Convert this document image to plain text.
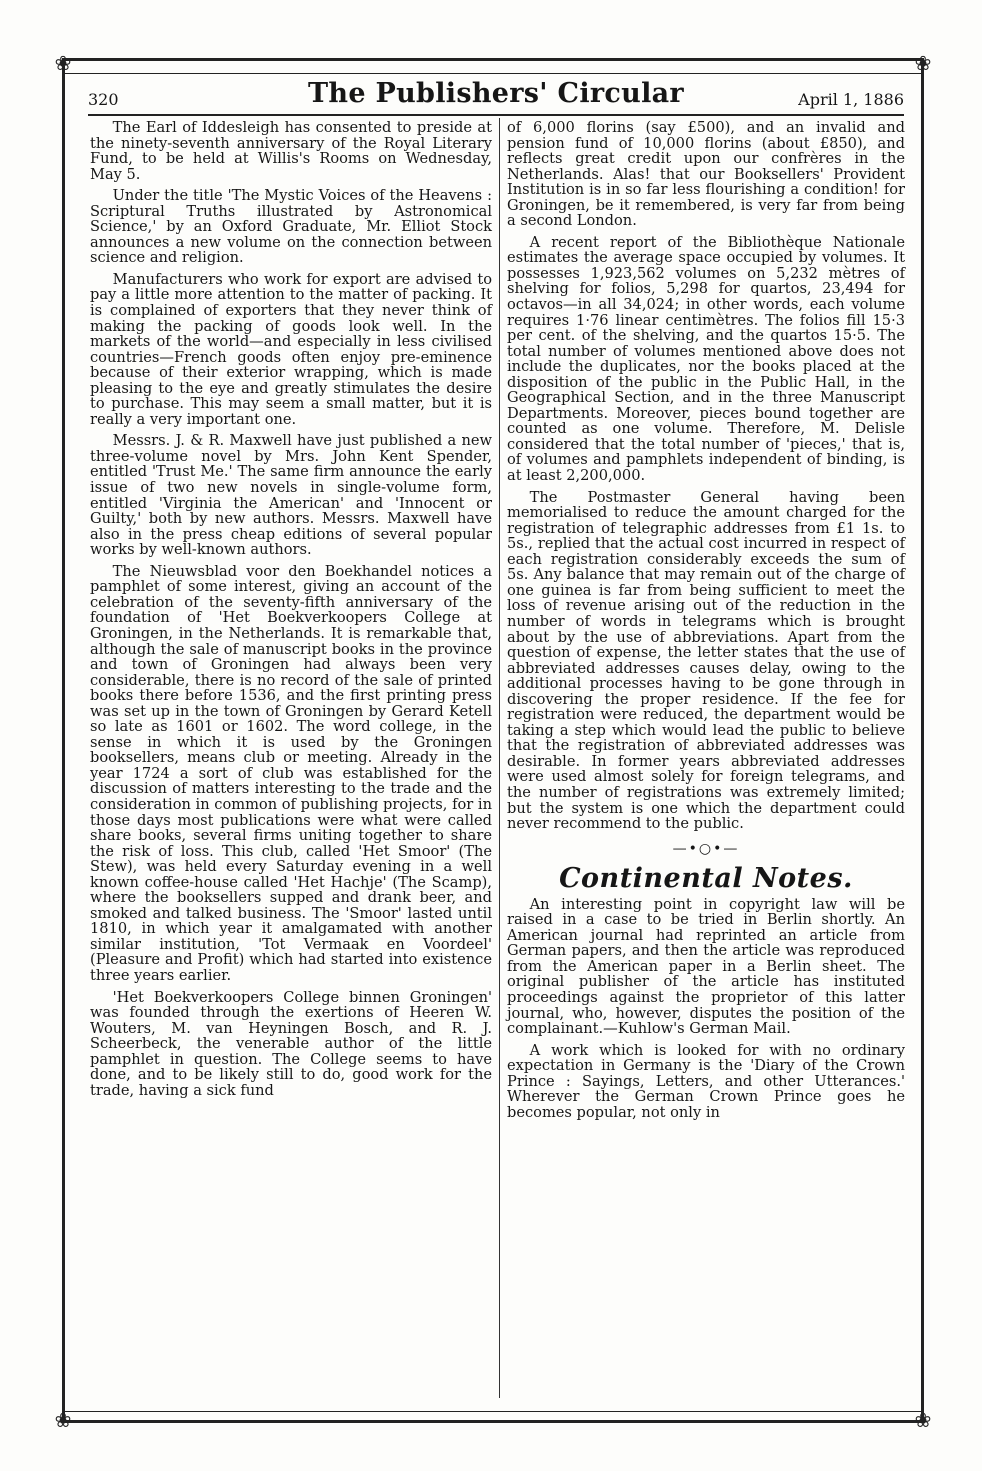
❀	❀
❀	❀
320	The Publishers' Circular	April 1, 1886

The Earl of Iddesleigh has consented to preside at the ninety-seventh anniversary of the Royal Literary Fund, to be held at Willis's Rooms on Wednesday, May 5.

Under the title 'The Mystic Voices of the Heavens : Scriptural Truths illustrated by Astronomical Science,' by an Oxford Graduate, Mr. Elliot Stock announces a new volume on the connection between science and religion.

Manufacturers who work for export are advised to pay a little more attention to the matter of packing. It is complained of exporters that they never think of making the packing of goods look well. In the markets of the world—and especially in less civilised countries—French goods often enjoy pre-eminence because of their exterior wrapping, which is made pleasing to the eye and greatly stimulates the desire to purchase. This may seem a small matter, but it is really a very important one.

Messrs. J. & R. Maxwell have just published a new three-volume novel by Mrs. John Kent Spender, entitled 'Trust Me.' The same firm announce the early issue of two new novels in single-volume form, entitled 'Virginia the American' and 'Innocent or Guilty,' both by new authors. Messrs. Maxwell have also in the press cheap editions of several popular works by well-known authors.

The Nieuwsblad voor den Boekhandel notices a pamphlet of some interest, giving an account of the celebration of the seventy-fifth anniversary of the foundation of 'Het Boekverkoopers College at Groningen, in the Netherlands. It is remarkable that, although the sale of manuscript books in the province and town of Groningen had always been very considerable, there is no record of the sale of printed books there before 1536, and the first printing press was set up in the town of Groningen by Gerard Ketell so late as 1601 or 1602. The word college, in the sense in which it is used by the Groningen booksellers, means club or meeting. Already in the year 1724 a sort of club was established for the discussion of matters interesting to the trade and the consideration in common of publishing projects, for in those days most publications were what were called share books, several firms uniting together to share the risk of loss. This club, called 'Het Smoor' (The Stew), was held every Saturday evening in a well known coffee-house called 'Het Hachje' (The Scamp), where the booksellers supped and drank beer, and smoked and talked business. The 'Smoor' lasted until 1810, in which year it amalgamated with another similar institution, 'Tot Vermaak en Voordeel' (Pleasure and Profit) which had started into existence three years earlier.

'Het Boekverkoopers College binnen Groningen' was founded through the exertions of Heeren W. Wouters, M. van Heyningen Bosch, and R. J. Scheerbeck, the venerable author of the little pamphlet in question. The College seems to have done, and to be likely still to do, good work for the trade, having a sick fund

of 6,000 florins (say £500), and an invalid and pension fund of 10,000 florins (about £850), and reflects great credit upon our confrères in the Netherlands. Alas! that our Booksellers' Provident Institution is in so far less flourishing a condition! for Groningen, be it remembered, is very far from being a second London.

A recent report of the Bibliothèque Nationale estimates the average space occupied by volumes. It possesses 1,923,562 volumes on 5,232 mètres of shelving for folios, 5,298 for quartos, 23,494 for octavos—in all 34,024; in other words, each volume requires 1·76 linear centimètres. The folios fill 15·3 per cent. of the shelving, and the quartos 15·5. The total number of volumes mentioned above does not include the duplicates, nor the books placed at the disposition of the public in the Public Hall, in the Geographical Section, and in the three Manuscript Departments. Moreover, pieces bound together are counted as one volume. Therefore, M. Delisle considered that the total number of 'pieces,' that is, of volumes and pamphlets independent of binding, is at least 2,200,000.

The Postmaster General having been memorialised to reduce the amount charged for the registration of telegraphic addresses from £1 1s. to 5s., replied that the actual cost incurred in respect of each registration considerably exceeds the sum of 5s. Any balance that may remain out of the charge of one guinea is far from being sufficient to meet the loss of revenue arising out of the reduction in the number of words in telegrams which is brought about by the use of abbreviations. Apart from the question of expense, the letter states that the use of abbreviated addresses causes delay, owing to the additional processes having to be gone through in discovering the proper residence. If the fee for registration were reduced, the department would be taking a step which would lead the public to believe that the registration of abbreviated addresses was desirable. In former years abbreviated addresses were used almost solely for foreign telegrams, and the number of registrations was extremely limited; but the system is one which the department could never recommend to the public.

—•○•—
Continental Notes.

An interesting point in copyright law will be raised in a case to be tried in Berlin shortly. An American journal had reprinted an article from German papers, and then the article was reproduced from the American paper in a Berlin sheet. The original publisher of the article has instituted proceedings against the proprietor of this latter journal, who, however, disputes the position of the complainant.—Kuhlow's German Mail.

A work which is looked for with no ordinary expectation in Germany is the 'Diary of the Crown Prince : Sayings, Letters, and other Utterances.' Wherever the German Crown Prince goes he becomes popular, not only in
